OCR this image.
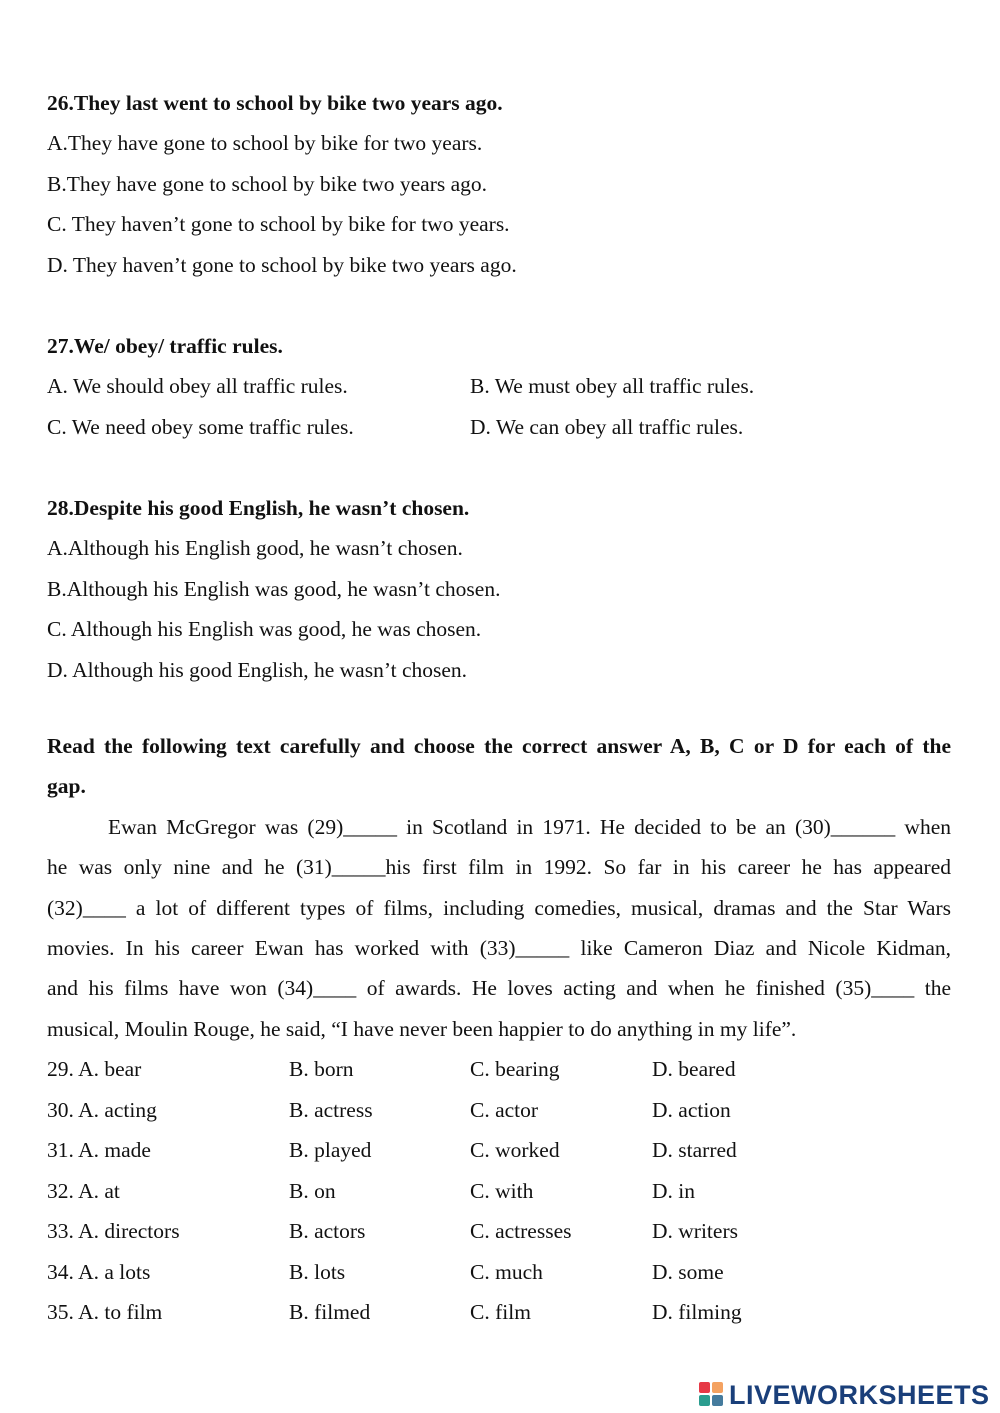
26.They last went to school by bike two years ago.
A.They have gone to school by bike for two years.
B.They have gone to school by bike two years ago.
C. They haven’t gone to school by bike for two years.
D. They haven’t gone to school by bike two years ago.
27.We/ obey/ traffic rules.
A. We should obey all traffic rules.	B. We must obey all traffic rules.
C. We need obey some traffic rules.	D. We can obey all traffic rules.
28.Despite his good English, he wasn’t chosen.
A.Although his English good, he wasn’t chosen.
B.Although his English was good, he wasn’t chosen.
C. Although his English was good, he was chosen.
D. Although his good English, he wasn’t chosen.
Read the following text carefully and choose the correct answer A, B, C or D for each of the
gap.
Ewan McGregor was (29)_____ in Scotland in 1971. He decided to be an (30)______ when
he was only nine and he (31)_____his first film in 1992. So far in his career he has appeared
(32)____ a lot of different types of films, including comedies, musical, dramas and the Star Wars
movies. In his career Ewan has worked with (33)_____ like Cameron Diaz and Nicole Kidman,
and his films have won (34)____ of awards. He loves acting and when he finished (35)____ the
musical, Moulin Rouge, he said, “I have never been happier to do anything in my life”.
29. A. bear	B. born	C. bearing	D. beared
30. A. acting	B. actress	C. actor	D. action
31. A. made	B. played	C. worked	D. starred
32. A. at	B. on	C. with	D. in
33. A. directors	B. actors	C. actresses	D. writers
34. A. a lots	B. lots	C. much	D. some
35. A. to film	B. filmed	C. film	D. filming
LIVEWORKSHEETS
